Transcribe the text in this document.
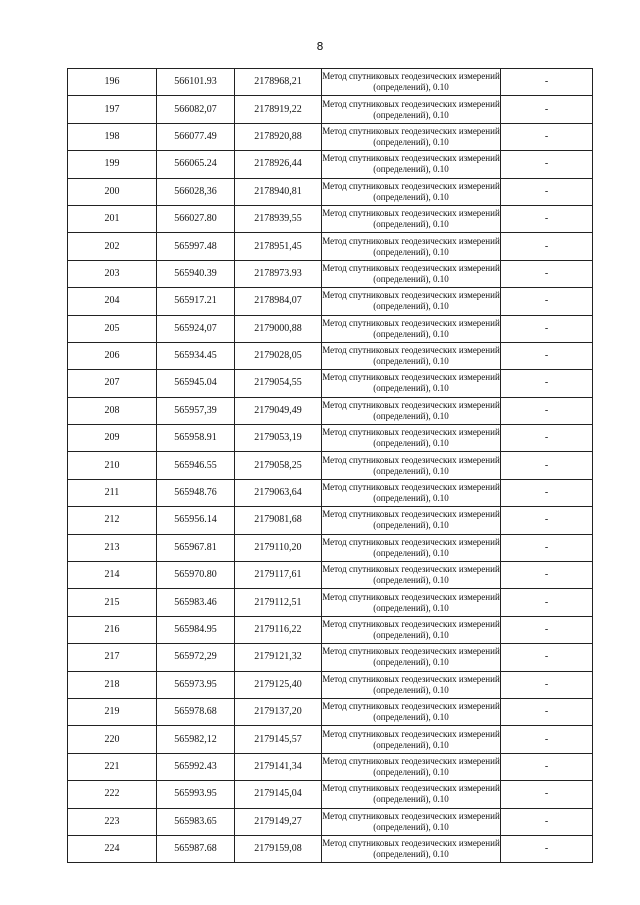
8
196	566101.93	2178968,21	Метод спутниковых геодезических измерений (определений), 0.10	-
197	566082,07	2178919,22	Метод спутниковых геодезических измерений (определений), 0.10	-
198	566077.49	2178920,88	Метод спутниковых геодезических измерений (определений), 0.10	-
199	566065.24	2178926,44	Метод спутниковых геодезических измерений (определений), 0.10	-
200	566028,36	2178940,81	Метод спутниковых геодезических измерений (определений), 0.10	-
201	566027.80	2178939,55	Метод спутниковых геодезических измерений (определений), 0.10	-
202	565997.48	2178951,45	Метод спутниковых геодезических измерений (определений), 0.10	-
203	565940.39	2178973.93	Метод спутниковых геодезических измерений (определений), 0.10	-
204	565917.21	2178984,07	Метод спутниковых геодезических измерений (определений), 0.10	-
205	565924,07	2179000,88	Метод спутниковых геодезических измерений (определений), 0.10	-
206	565934.45	2179028,05	Метод спутниковых геодезических измерений (определений), 0.10	-
207	565945.04	2179054,55	Метод спутниковых геодезических измерений (определений), 0.10	-
208	565957,39	2179049,49	Метод спутниковых геодезических измерений (определений), 0.10	-
209	565958.91	2179053,19	Метод спутниковых геодезических измерений (определений), 0.10	-
210	565946.55	2179058,25	Метод спутниковых геодезических измерений (определений), 0.10	-
211	565948.76	2179063,64	Метод спутниковых геодезических измерений (определений), 0.10	-
212	565956.14	2179081,68	Метод спутниковых геодезических измерений (определений), 0.10	-
213	565967.81	2179110,20	Метод спутниковых геодезических измерений (определений), 0.10	-
214	565970.80	2179117,61	Метод спутниковых геодезических измерений (определений), 0.10	-
215	565983.46	2179112,51	Метод спутниковых геодезических измерений (определений), 0.10	-
216	565984.95	2179116,22	Метод спутниковых геодезических измерений (определений), 0.10	-
217	565972,29	2179121,32	Метод спутниковых геодезических измерений (определений), 0.10	-
218	565973.95	2179125,40	Метод спутниковых геодезических измерений (определений), 0.10	-
219	565978.68	2179137,20	Метод спутниковых геодезических измерений (определений), 0.10	-
220	565982,12	2179145,57	Метод спутниковых геодезических измерений (определений), 0.10	-
221	565992.43	2179141,34	Метод спутниковых геодезических измерений (определений), 0.10	-
222	565993.95	2179145,04	Метод спутниковых геодезических измерений (определений), 0.10	-
223	565983.65	2179149,27	Метод спутниковых геодезических измерений (определений), 0.10	-
224	565987.68	2179159,08	Метод спутниковых геодезических измерений (определений), 0.10	-
